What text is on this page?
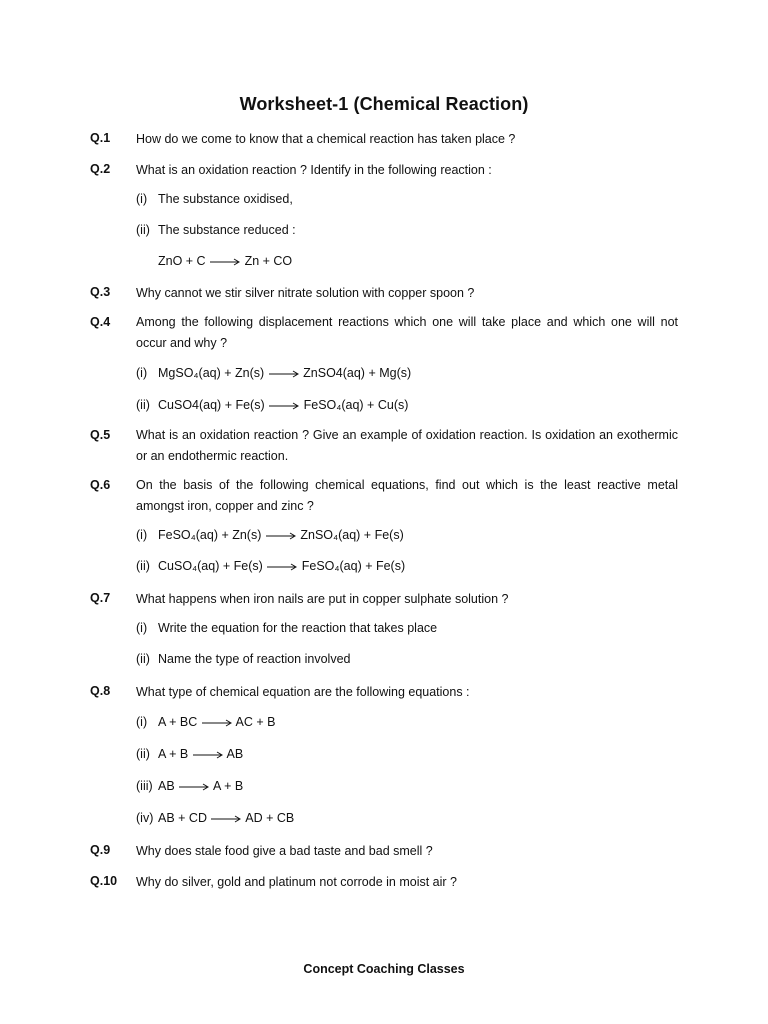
Worksheet-1 (Chemical Reaction)
Q.1 How do we come to know that a chemical reaction has taken place ?
Q.2 What is an oxidation reaction ? Identify in the following reaction :
(i) The substance oxidised,
(ii) The substance reduced :
ZnO + C → Zn + CO
Q.3 Why cannot we stir silver nitrate solution with copper spoon ?
Q.4 Among the following displacement reactions which one will take place and which one will not occur and why ?
(i) MgSO₄(aq) + Zn(s) → ZnSO4(aq) + Mg(s)
(ii) CuSO4(aq) + Fe(s) → FeSO₄(aq) + Cu(s)
Q.5 What is an oxidation reaction ? Give an example of oxidation reaction. Is oxidation an exothermic or an endothermic reaction.
Q.6 On the basis of the following chemical equations, find out which is the least reactive metal amongst iron, copper and zinc ?
(i) FeSO₄(aq) + Zn(s) → ZnSO₄(aq) + Fe(s)
(ii) CuSO₄(aq) + Fe(s) → FeSO₄(aq) + Fe(s)
Q.7 What happens when iron nails are put in copper sulphate solution ?
(i) Write the equation for the reaction that takes place
(ii) Name the type of reaction involved
Q.8 What type of chemical equation are the following equations :
(i) A + BC → AC + B
(ii) A + B → AB
(iii) AB → A + B
(iv) AB + CD → AD + CB
Q.9 Why does stale food give a bad taste and bad smell ?
Q.10 Why do silver, gold and platinum not corrode in moist air ?
Concept Coaching Classes
